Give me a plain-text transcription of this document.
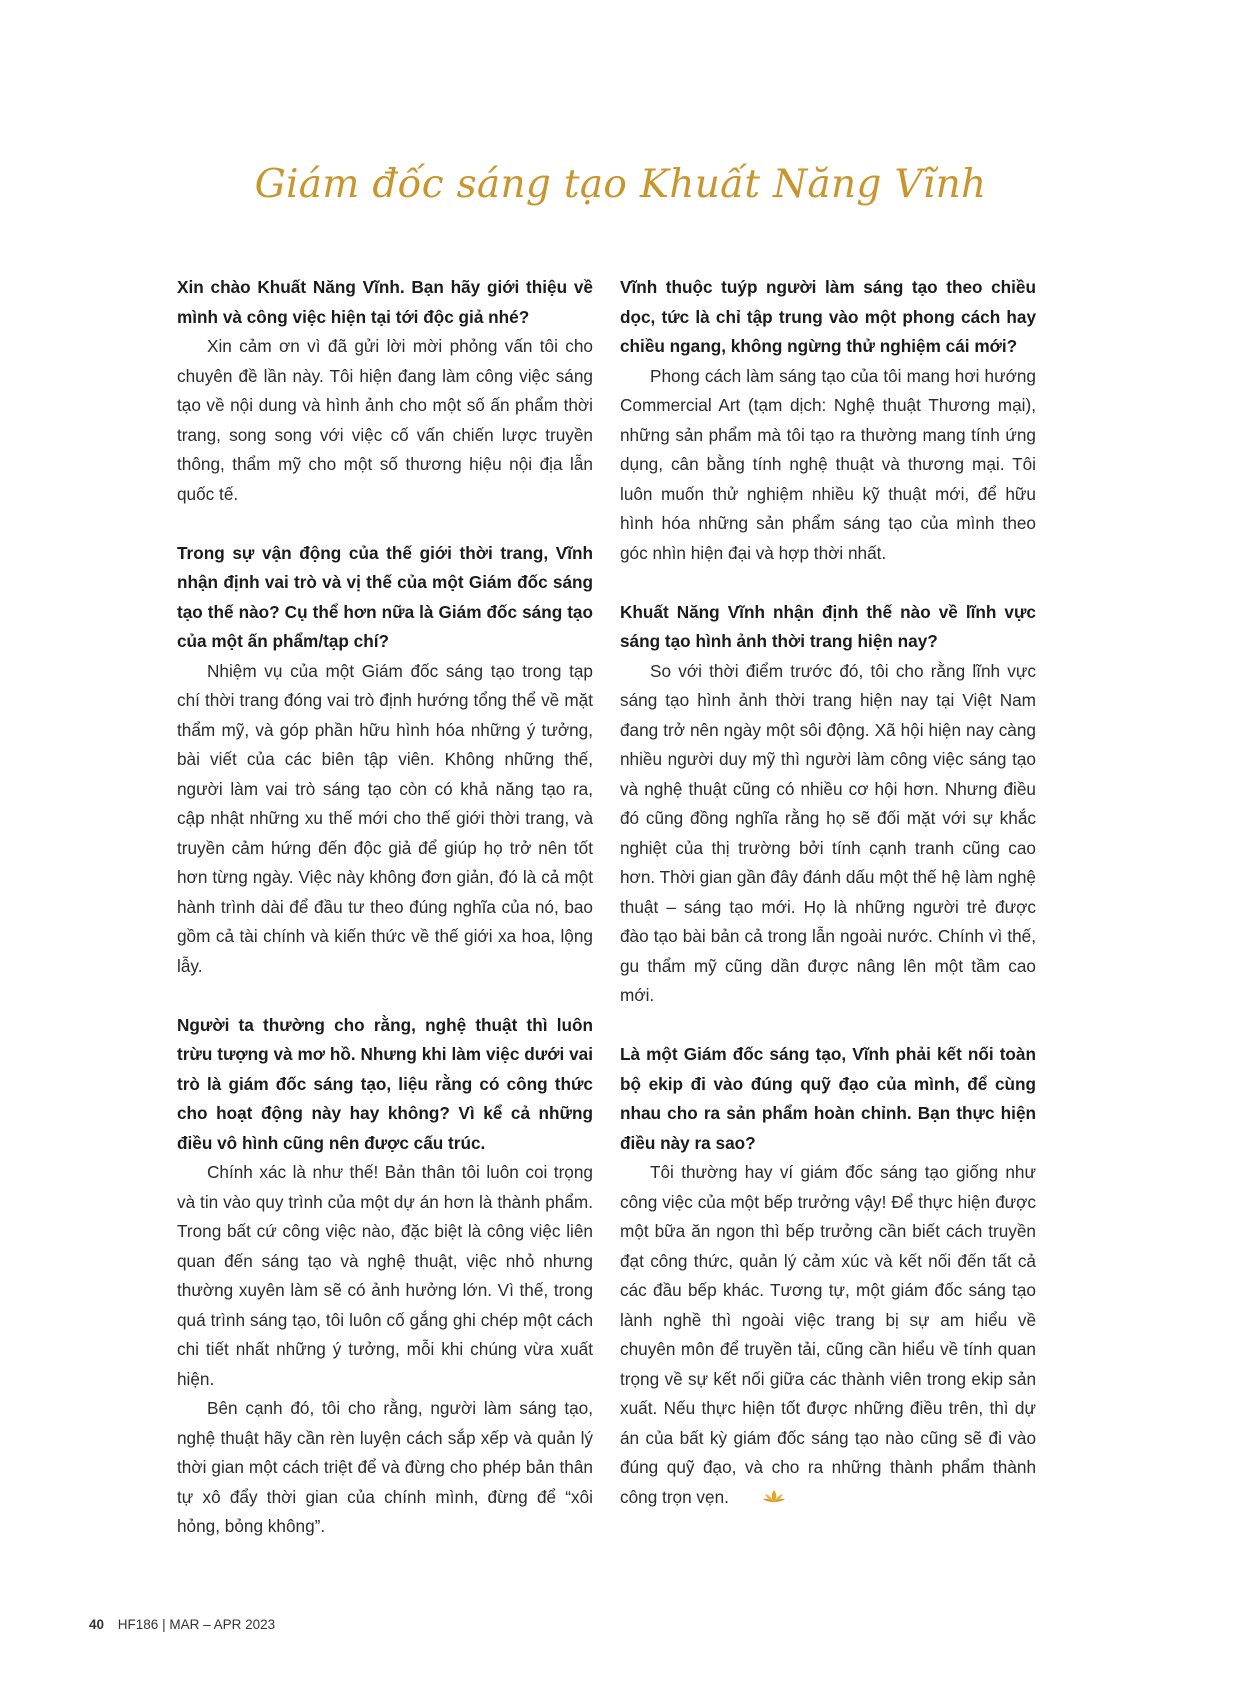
Giám đốc sáng tạo Khuất Năng Vĩnh

Xin chào Khuất Năng Vĩnh. Bạn hãy giới thiệu về mình và công việc hiện tại tới độc giả nhé?

Xin cảm ơn vì đã gửi lời mời phỏng vấn tôi cho chuyên đề lần này. Tôi hiện đang làm công việc sáng tạo về nội dung và hình ảnh cho một số ấn phẩm thời trang, song song với việc cố vấn chiến lược truyền thông, thẩm mỹ cho một số thương hiệu nội địa lẫn quốc tế.

Trong sự vận động của thế giới thời trang, Vĩnh nhận định vai trò và vị thế của một Giám đốc sáng tạo thế nào? Cụ thể hơn nữa là Giám đốc sáng tạo của một ấn phẩm/tạp chí?

Nhiệm vụ của một Giám đốc sáng tạo trong tạp chí thời trang đóng vai trò định hướng tổng thể về mặt thẩm mỹ, và góp phần hữu hình hóa những ý tưởng, bài viết của các biên tập viên. Không những thế, người làm vai trò sáng tạo còn có khả năng tạo ra, cập nhật những xu thế mới cho thế giới thời trang, và truyền cảm hứng đến độc giả để giúp họ trở nên tốt hơn từng ngày. Việc này không đơn giản, đó là cả một hành trình dài để đầu tư theo đúng nghĩa của nó, bao gồm cả tài chính và kiến thức về thế giới xa hoa, lộng lẫy.

Người ta thường cho rằng, nghệ thuật thì luôn trừu tượng và mơ hồ. Nhưng khi làm việc dưới vai trò là giám đốc sáng tạo, liệu rằng có công thức cho hoạt động này hay không? Vì kể cả những điều vô hình cũng nên được cấu trúc.

Chính xác là như thế! Bản thân tôi luôn coi trọng và tin vào quy trình của một dự án hơn là thành phẩm. Trong bất cứ công việc nào, đặc biệt là công việc liên quan đến sáng tạo và nghệ thuật, việc nhỏ nhưng thường xuyên làm sẽ có ảnh hưởng lớn. Vì thế, trong quá trình sáng tạo, tôi luôn cố gắng ghi chép một cách chi tiết nhất những ý tưởng, mỗi khi chúng vừa xuất hiện.

Bên cạnh đó, tôi cho rằng, người làm sáng tạo, nghệ thuật hãy cần rèn luyện cách sắp xếp và quản lý thời gian một cách triệt để và đừng cho phép bản thân tự xô đẩy thời gian của chính mình, đừng để “xôi hỏng, bỏng không”.

Vĩnh thuộc tuýp người làm sáng tạo theo chiều dọc, tức là chỉ tập trung vào một phong cách hay chiều ngang, không ngừng thử nghiệm cái mới?

Phong cách làm sáng tạo của tôi mang hơi hướng Commercial Art (tạm dịch: Nghệ thuật Thương mại), những sản phẩm mà tôi tạo ra thường mang tính ứng dụng, cân bằng tính nghệ thuật và thương mại. Tôi luôn muốn thử nghiệm nhiều kỹ thuật mới, để hữu hình hóa những sản phẩm sáng tạo của mình theo góc nhìn hiện đại và hợp thời nhất.

Khuất Năng Vĩnh nhận định thế nào về lĩnh vực sáng tạo hình ảnh thời trang hiện nay?

So với thời điểm trước đó, tôi cho rằng lĩnh vực sáng tạo hình ảnh thời trang hiện nay tại Việt Nam đang trở nên ngày một sôi động. Xã hội hiện nay càng nhiều người duy mỹ thì người làm công việc sáng tạo và nghệ thuật cũng có nhiều cơ hội hơn. Nhưng điều đó cũng đồng nghĩa rằng họ sẽ đối mặt với sự khắc nghiệt của thị trường bởi tính cạnh tranh cũng cao hơn. Thời gian gần đây đánh dấu một thế hệ làm nghệ thuật – sáng tạo mới. Họ là những người trẻ được đào tạo bài bản cả trong lẫn ngoài nước. Chính vì thế, gu thẩm mỹ cũng dần được nâng lên một tầm cao mới.

Là một Giám đốc sáng tạo, Vĩnh phải kết nối toàn bộ ekip đi vào đúng quỹ đạo của mình, để cùng nhau cho ra sản phẩm hoàn chỉnh. Bạn thực hiện điều này ra sao?

Tôi thường hay ví giám đốc sáng tạo giống như công việc của một bếp trưởng vậy! Để thực hiện được một bữa ăn ngon thì bếp trưởng cần biết cách truyền đạt công thức, quản lý cảm xúc và kết nối đến tất cả các đầu bếp khác. Tương tự, một giám đốc sáng tạo lành nghề thì ngoài việc trang bị sự am hiểu về chuyên môn để truyền tải, cũng cần hiểu về tính quan trọng về sự kết nối giữa các thành viên trong ekip sản xuất. Nếu thực hiện tốt được những điều trên, thì dự án của bất kỳ giám đốc sáng tạo nào cũng sẽ đi vào đúng quỹ đạo, và cho ra những thành phẩm thành công trọn vẹn.

40 HF186 | MAR – APR 2023
